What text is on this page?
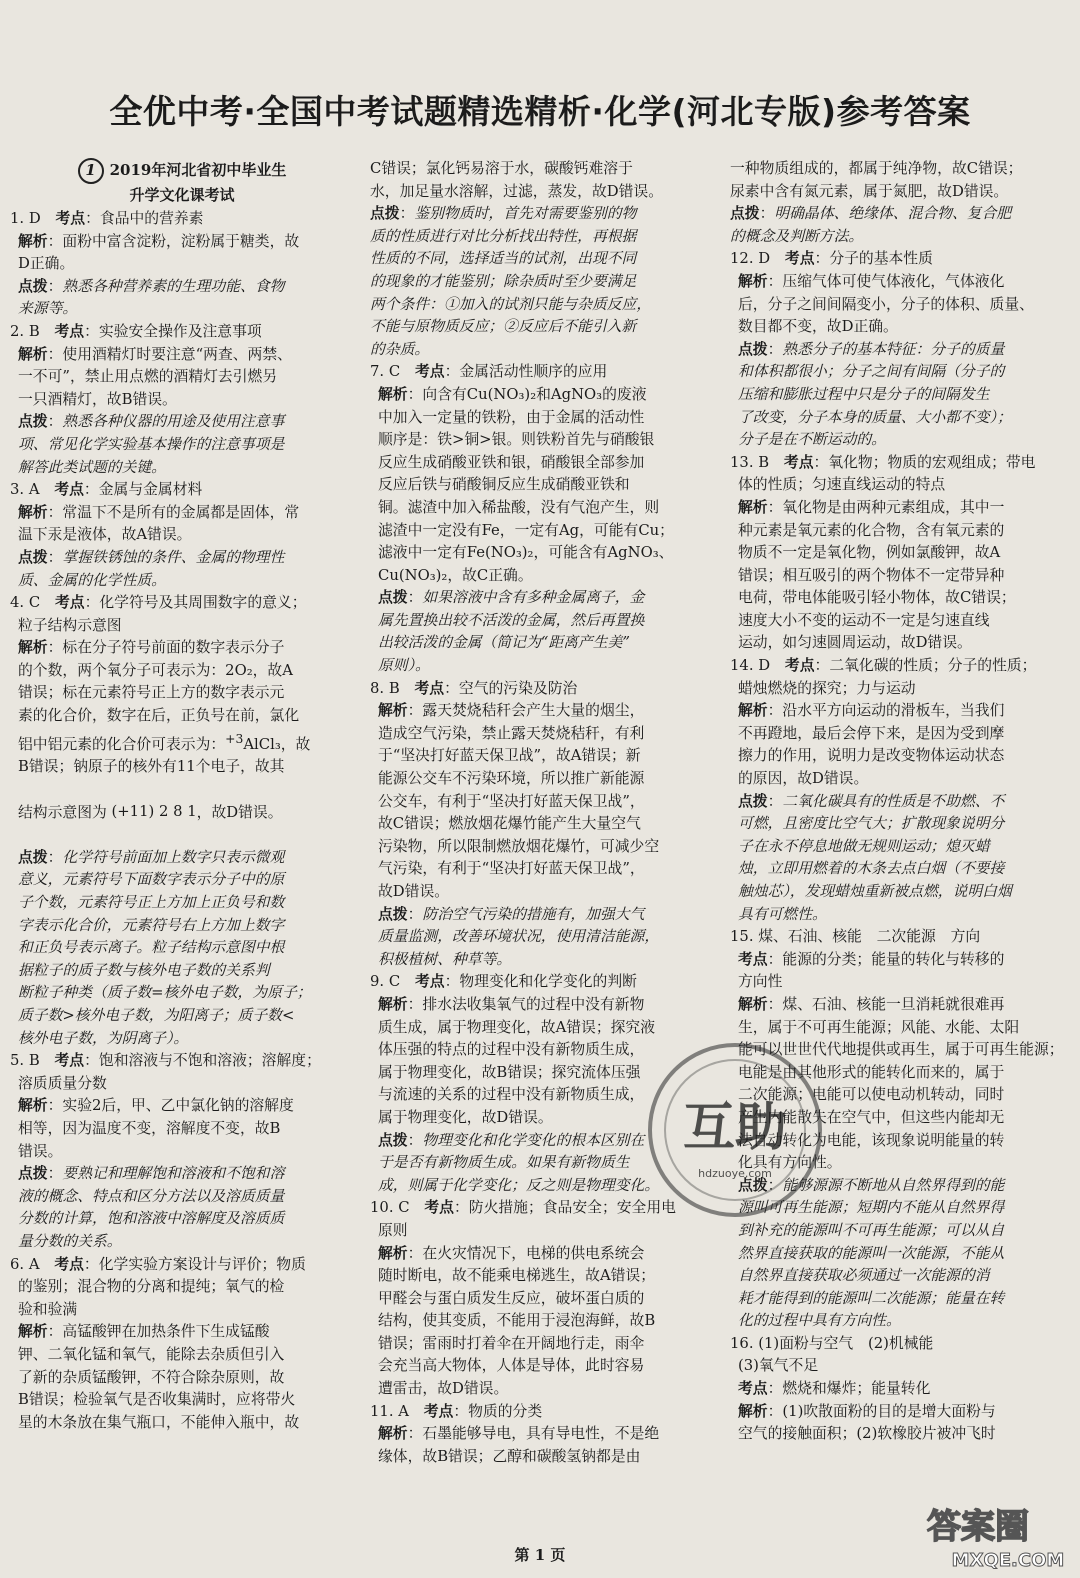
全优中考·全国中考试题精选精析·化学(河北专版)参考答案
1 2019年河北省初中毕业生
升学文化课考试

1. D　考点：食品中的营养素

解析：面粉中富含淀粉，淀粉属于糖类，故

D正确。

点拨：熟悉各种营养素的生理功能、食物

来源等。

2. B　考点：实验安全操作及注意事项

解析：使用酒精灯时要注意“两查、两禁、

一不可”，禁止用点燃的酒精灯去引燃另

一只酒精灯，故B错误。

点拨：熟悉各种仪器的用途及使用注意事

项、常见化学实验基本操作的注意事项是

解答此类试题的关键。

3. A　考点：金属与金属材料

解析：常温下不是所有的金属都是固体，常

温下汞是液体，故A错误。

点拨：掌握铁锈蚀的条件、金属的物理性

质、金属的化学性质。

4. C　考点：化学符号及其周围数字的意义；

粒子结构示意图

解析：标在分子符号前面的数字表示分子

的个数，两个氧分子可表示为：2O₂，故A

错误；标在元素符号正上方的数字表示元

素的化合价，数字在后，正负号在前，氯化

铝中铝元素的化合价可表示为：$^{+3}$AlCl₃，故

B错误；钠原子的核外有11个电子，故其

结构示意图为 (+11) 2 8 1，故D错误。

点拨：化学符号前面加上数字只表示微观

意义，元素符号下面数字表示分子中的原

子个数，元素符号正上方加上正负号和数

字表示化合价，元素符号右上方加上数字

和正负号表示离子。粒子结构示意图中根

据粒子的质子数与核外电子数的关系判

断粒子种类（质子数=核外电子数，为原子；

质子数>核外电子数，为阳离子；质子数<

核外电子数，为阴离子）。

5. B　考点：饱和溶液与不饱和溶液；溶解度；

溶质质量分数

解析：实验2后，甲、乙中氯化钠的溶解度

相等，因为温度不变，溶解度不变，故B

错误。

点拨：要熟记和理解饱和溶液和不饱和溶

液的概念、特点和区分方法以及溶质质量

分数的计算，饱和溶液中溶解度及溶质质

量分数的关系。

6. A　考点：化学实验方案设计与评价；物质

的鉴别；混合物的分离和提纯；氧气的检

验和验满

解析：高锰酸钾在加热条件下生成锰酸

钾、二氧化锰和氧气，能除去杂质但引入

了新的杂质锰酸钾，不符合除杂原则，故

B错误；检验氧气是否收集满时，应将带火

星的木条放在集气瓶口，不能伸入瓶中，故

C错误；氯化钙易溶于水，碳酸钙难溶于

水，加足量水溶解，过滤，蒸发，故D错误。

点拨：鉴别物质时，首先对需要鉴别的物

质的性质进行对比分析找出特性，再根据

性质的不同，选择适当的试剂，出现不同

的现象的才能鉴别；除杂质时至少要满足

两个条件：①加入的试剂只能与杂质反应，

不能与原物质反应；②反应后不能引入新

的杂质。

7. C　考点：金属活动性顺序的应用

解析：向含有Cu(NO₃)₂和AgNO₃的废液

中加入一定量的铁粉，由于金属的活动性

顺序是：铁>铜>银。则铁粉首先与硝酸银

反应生成硝酸亚铁和银，硝酸银全部参加

反应后铁与硝酸铜反应生成硝酸亚铁和

铜。滤渣中加入稀盐酸，没有气泡产生，则

滤渣中一定没有Fe，一定有Ag，可能有Cu；

滤液中一定有Fe(NO₃)₂，可能含有AgNO₃、

Cu(NO₃)₂，故C正确。

点拨：如果溶液中含有多种金属离子，金

属先置换出较不活泼的金属，然后再置换

出较活泼的金属（简记为“距离产生美”

原则）。

8. B　考点：空气的污染及防治

解析：露天焚烧秸秆会产生大量的烟尘，

造成空气污染，禁止露天焚烧秸秆，有利

于“坚决打好蓝天保卫战”，故A错误；新

能源公交车不污染环境，所以推广新能源

公交车，有利于“坚决打好蓝天保卫战”，

故C错误；燃放烟花爆竹能产生大量空气

污染物，所以限制燃放烟花爆竹，可减少空

气污染，有利于“坚决打好蓝天保卫战”，

故D错误。

点拨：防治空气污染的措施有，加强大气

质量监测，改善环境状况，使用清洁能源，

积极植树、种草等。

9. C　考点：物理变化和化学变化的判断

解析：排水法收集氧气的过程中没有新物

质生成，属于物理变化，故A错误；探究液

体压强的特点的过程中没有新物质生成，

属于物理变化，故B错误；探究流体压强

与流速的关系的过程中没有新物质生成，

属于物理变化，故D错误。

点拨：物理变化和化学变化的根本区别在

于是否有新物质生成。如果有新物质生

成，则属于化学变化；反之则是物理变化。

10. C　考点：防火措施；食品安全；安全用电

原则

解析：在火灾情况下，电梯的供电系统会

随时断电，故不能乘电梯逃生，故A错误；

甲醛会与蛋白质发生反应，破坏蛋白质的

结构，使其变质，不能用于浸泡海鲜，故B

错误；雷雨时打着伞在开阔地行走，雨伞

会充当高大物体，人体是导体，此时容易

遭雷击，故D错误。

11. A　考点：物质的分类

解析：石墨能够导电，具有导电性，不是绝

缘体，故B错误；乙醇和碳酸氢钠都是由

一种物质组成的，都属于纯净物，故C错误；

尿素中含有氮元素，属于氮肥，故D错误。

点拨：明确晶体、绝缘体、混合物、复合肥

的概念及判断方法。

12. D　考点：分子的基本性质

解析：压缩气体可使气体液化，气体液化

后，分子之间间隔变小，分子的体积、质量、

数目都不变，故D正确。

点拨：熟悉分子的基本特征：分子的质量

和体积都很小；分子之间有间隔（分子的

压缩和膨胀过程中只是分子的间隔发生

了改变，分子本身的质量、大小都不变）；

分子是在不断运动的。

13. B　考点：氧化物；物质的宏观组成；带电

体的性质；匀速直线运动的特点

解析：氧化物是由两种元素组成，其中一

种元素是氧元素的化合物，含有氧元素的

物质不一定是氧化物，例如氯酸钾，故A

错误；相互吸引的两个物体不一定带异种

电荷，带电体能吸引轻小物体，故C错误；

速度大小不变的运动不一定是匀速直线

运动，如匀速圆周运动，故D错误。

14. D　考点：二氧化碳的性质；分子的性质；

蜡烛燃烧的探究；力与运动

解析：沿水平方向运动的滑板车，当我们

不再蹬地，最后会停下来，是因为受到摩

擦力的作用，说明力是改变物体运动状态

的原因，故D错误。

点拨：二氧化碳具有的性质是不助燃、不

可燃，且密度比空气大；扩散现象说明分

子在永不停息地做无规则运动；熄灭蜡

烛，立即用燃着的木条去点白烟（不要接

触烛芯），发现蜡烛重新被点燃，说明白烟

具有可燃性。

15. 煤、石油、核能　二次能源　方向

考点：能源的分类；能量的转化与转移的

方向性

解析：煤、石油、核能一旦消耗就很难再

生，属于不可再生能源；风能、水能、太阳

能可以世世代代地提供或再生，属于可再生能源；

电能是由其他形式的能转化而来的，属于

二次能源；电能可以使电动机转动，同时

产生内能散失在空气中，但这些内能却无

法自动转化为电能，该现象说明能量的转

化具有方向性。

点拨：能够源源不断地从自然界得到的能

源叫可再生能源；短期内不能从自然界得

到补充的能源叫不可再生能源；可以从自

然界直接获取的能源叫一次能源，不能从

自然界直接获取必须通过一次能源的消

耗才能得到的能源叫二次能源；能量在转

化的过程中具有方向性。

16. (1)面粉与空气　(2)机械能

(3)氧气不足

考点：燃烧和爆炸；能量转化

解析：(1)吹散面粉的目的是增大面粉与

空气的接触面积；(2)软橡胶片被冲飞时

互助
hdzuoye.com
第 1 页
答案圈
MXQE.COM
